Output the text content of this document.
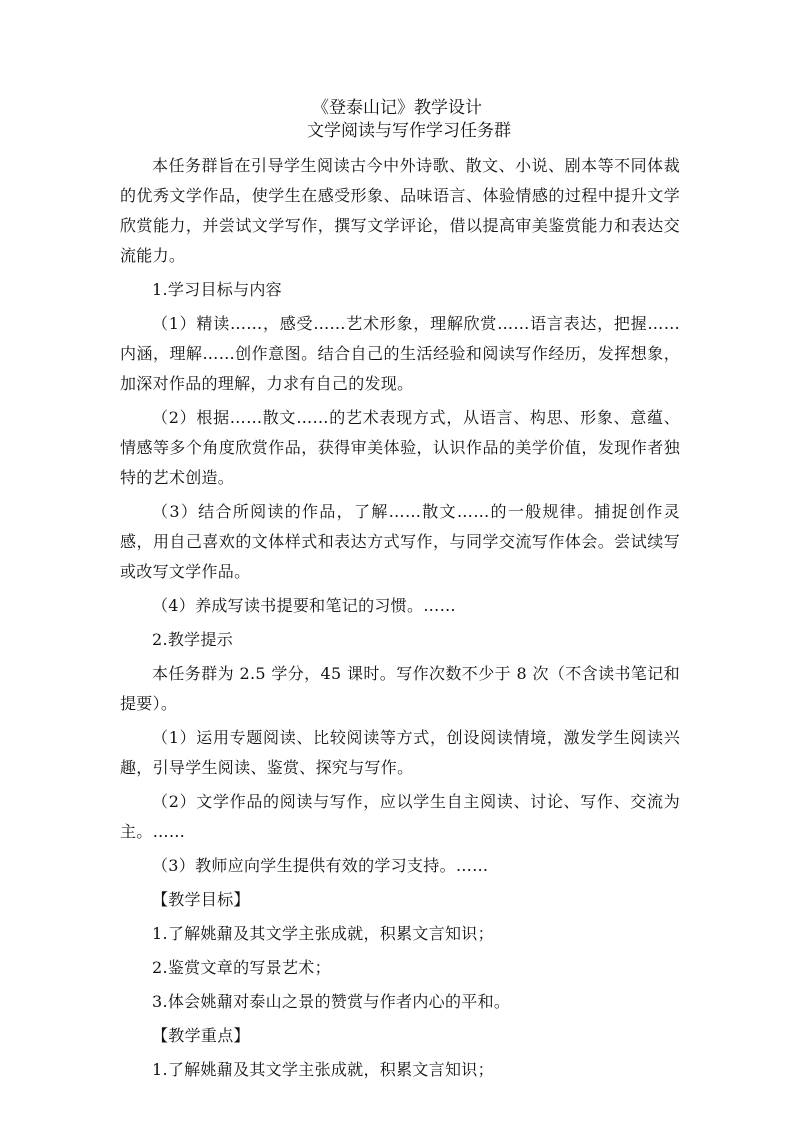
《登泰山记》教学设计
文学阅读与写作学习任务群

本任务群旨在引导学生阅读古今中外诗歌、散文、小说、剧本等不同体裁的优秀文学作品，使学生在感受形象、品味语言、体验情感的过程中提升文学欣赏能力，并尝试文学写作，撰写文学评论，借以提高审美鉴赏能力和表达交流能力。

1.学习目标与内容

（1）精读……，感受……艺术形象，理解欣赏……语言表达，把握……内涵，理解……创作意图。结合自己的生活经验和阅读写作经历，发挥想象，加深对作品的理解，力求有自己的发现。

（2）根据……散文……的艺术表现方式，从语言、构思、形象、意蕴、情感等多个角度欣赏作品，获得审美体验，认识作品的美学价值，发现作者独特的艺术创造。

（3）结合所阅读的作品，了解……散文……的一般规律。捕捉创作灵感，用自己喜欢的文体样式和表达方式写作，与同学交流写作体会。尝试续写或改写文学作品。

（4）养成写读书提要和笔记的习惯。……

2.教学提示

本任务群为 2.5 学分，45 课时。写作次数不少于 8 次（不含读书笔记和提要）。

（1）运用专题阅读、比较阅读等方式，创设阅读情境，激发学生阅读兴趣，引导学生阅读、鉴赏、探究与写作。

（2）文学作品的阅读与写作，应以学生自主阅读、讨论、写作、交流为主。……

（3）教师应向学生提供有效的学习支持。……

【教学目标】

1.了解姚鼐及其文学主张成就，积累文言知识；

2.鉴赏文章的写景艺术；

3.体会姚鼐对泰山之景的赞赏与作者内心的平和。

【教学重点】

1.了解姚鼐及其文学主张成就，积累文言知识；
